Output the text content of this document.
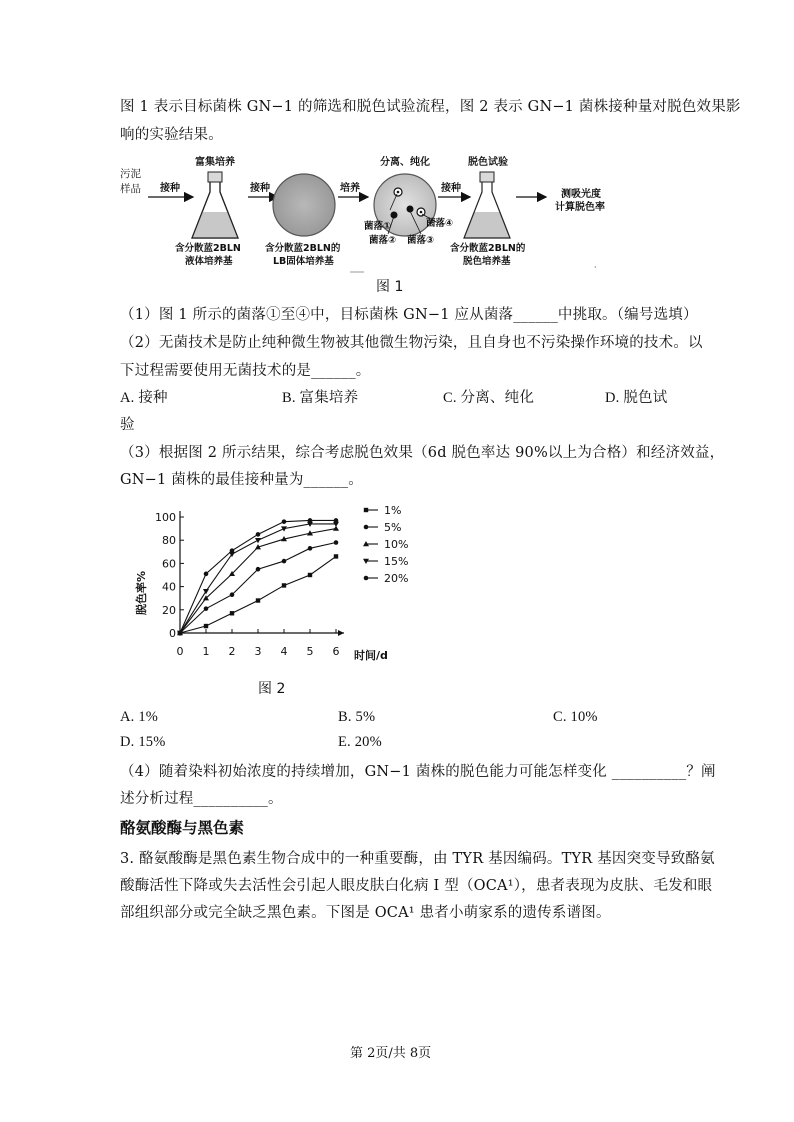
图 1 表示目标菌株 GN−1 的筛选和脱色试验流程，图 2 表示 GN−1 菌株接种量对脱色效果影
响的实验结果。
污泥
样品 接种
富集培养
含分散蓝2BLN
液体培养基
接种
含分散蓝2BLN的
LB固体培养基
培养
分离、纯化
菌落①
菌落② 菌落③
菌落④
接种
脱色试验
含分散蓝2BLN的
脱色培养基
测吸光度
计算脱色率
图 1
·
（1）图 1 所示的菌落①至④中，目标菌株 GN−1 应从菌落______中挑取。（编号选填）
（2）无菌技术是防止纯种微生物被其他微生物污染，且自身也不污染操作环境的技术。以
下过程需要使用无菌技术的是______。
A. 接种	B. 富集培养	C. 分离、纯化	D. 脱色试
验
（3）根据图 2 所示结果，综合考虑脱色效果（6d 脱色率达 90%以上为合格）和经济效益，
GN−1 菌株的最佳接种量为______。
0
20
40
60
80
100
0 1 2 3 4 5 6
1%
5%
10%
15%
20%
脱色率%
时间/d
图 2
A. 1%	B. 5%	C. 10%
D. 15%	E. 20%
（4）随着染料初始浓度的持续增加，GN−1 菌株的脱色能力可能怎样变化 __________？阐
述分析过程__________。
酪氨酸酶与黑色素
3. 酪氨酸酶是黑色素生物合成中的一种重要酶，由 TYR 基因编码。TYR 基因突变导致酪氨
酸酶活性下降或失去活性会引起人眼皮肤白化病 I 型（OCA¹），患者表现为皮肤、毛发和眼
部组织部分或完全缺乏黑色素。下图是 OCA¹ 患者小萌家系的遗传系谱图。
第 2页/共 8页
